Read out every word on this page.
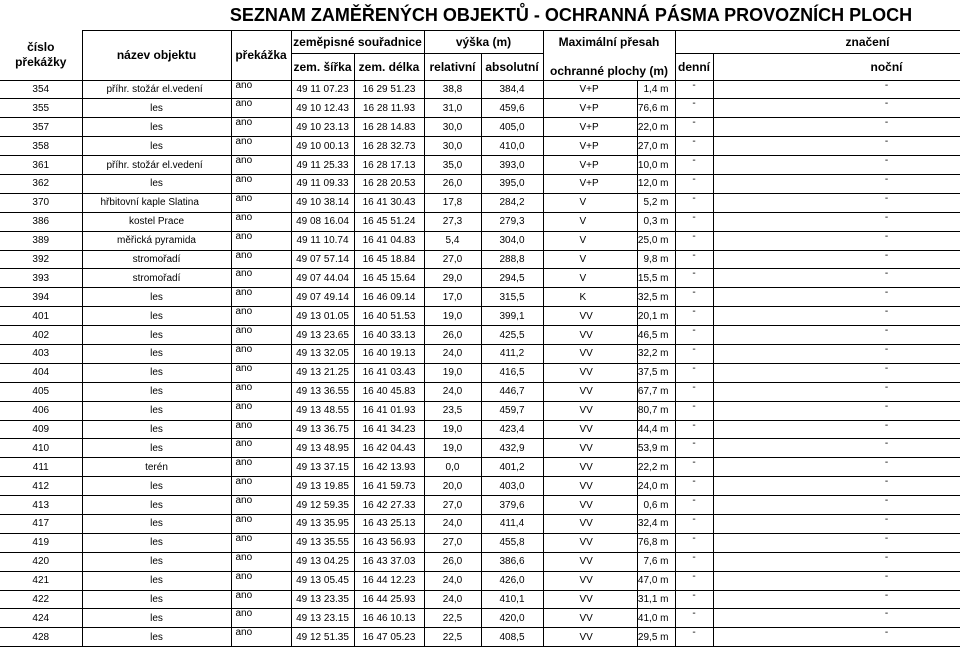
	SEZNAM ZAMĚŘENÝCH OBJEKTŮ - OCHRANNÁ PÁSMA PROVOZNÍCH PLOCH										
číslo překážky	název objektu	překážka	zeměpisné souřadnice		výška (m)		Maximální přesah		značení	
			zem. šířka	zem. délka	relativní	absolutní	ochranné plochy (m)		denní	noční	
354	příhr. stožár el.vedení	ano	49 11 07.23	16 29 51.23	38,8	384,4	V+P	1,4 m	-	-	
355	les	ano	49 10 12.43	16 28 11.93	31,0	459,6	V+P	76,6 m	-	-	
357	les	ano	49 10 23.13	16 28 14.83	30,0	405,0	V+P	22,0 m	-	-	
358	les	ano	49 10 00.13	16 28 32.73	30,0	410,0	V+P	27,0 m	-	-	
361	příhr. stožár el.vedení	ano	49 11 25.33	16 28 17.13	35,0	393,0	V+P	10,0 m	-	-	
362	les	ano	49 11 09.33	16 28 20.53	26,0	395,0	V+P	12,0 m	-	-	
370	hřbitovní kaple Slatina	ano	49 10 38.14	16 41 30.43	17,8	284,2	V	5,2 m	-	-	
386	kostel Prace	ano	49 08 16.04	16 45 51.24	27,3	279,3	V	0,3 m	-	-	
389	měřická pyramida	ano	49 11 10.74	16 41 04.83	5,4	304,0	V	25,0 m	-	-	
392	stromořadí	ano	49 07 57.14	16 45 18.84	27,0	288,8	V	9,8 m	-	-	
393	stromořadí	ano	49 07 44.04	16 45 15.64	29,0	294,5	V	15,5 m	-	-	
394	les	ano	49 07 49.14	16 46 09.14	17,0	315,5	K	32,5 m	-	-	
401	les	ano	49 13 01.05	16 40 51.53	19,0	399,1	VV	20,1 m	-	-	
402	les	ano	49 13 23.65	16 40 33.13	26,0	425,5	VV	46,5 m	-	-	
403	les	ano	49 13 32.05	16 40 19.13	24,0	411,2	VV	32,2 m	-	-	
404	les	ano	49 13 21.25	16 41 03.43	19,0	416,5	VV	37,5 m	-	-	
405	les	ano	49 13 36.55	16 40 45.83	24,0	446,7	VV	67,7 m	-	-	
406	les	ano	49 13 48.55	16 41 01.93	23,5	459,7	VV	80,7 m	-	-	
409	les	ano	49 13 36.75	16 41 34.23	19,0	423,4	VV	44,4 m	-	-	
410	les	ano	49 13 48.95	16 42 04.43	19,0	432,9	VV	53,9 m	-	-	
411	terén	ano	49 13 37.15	16 42 13.93	0,0	401,2	VV	22,2 m	-	-	
412	les	ano	49 13 19.85	16 41 59.73	20,0	403,0	VV	24,0 m	-	-	
413	les	ano	49 12 59.35	16 42 27.33	27,0	379,6	VV	0,6 m	-	-	
417	les	ano	49 13 35.95	16 43 25.13	24,0	411,4	VV	32,4 m	-	-	
419	les	ano	49 13 35.55	16 43 56.93	27,0	455,8	VV	76,8 m	-	-	
420	les	ano	49 13 04.25	16 43 37.03	26,0	386,6	VV	7,6 m	-	-	
421	les	ano	49 13 05.45	16 44 12.23	24,0	426,0	VV	47,0 m	-	-	
422	les	ano	49 13 23.35	16 44 25.93	24,0	410,1	VV	31,1 m	-	-	
424	les	ano	49 13 23.15	16 46 10.13	22,5	420,0	VV	41,0 m	-	-	
428	les	ano	49 12 51.35	16 47 05.23	22,5	408,5	VV	29,5 m	-	-	
